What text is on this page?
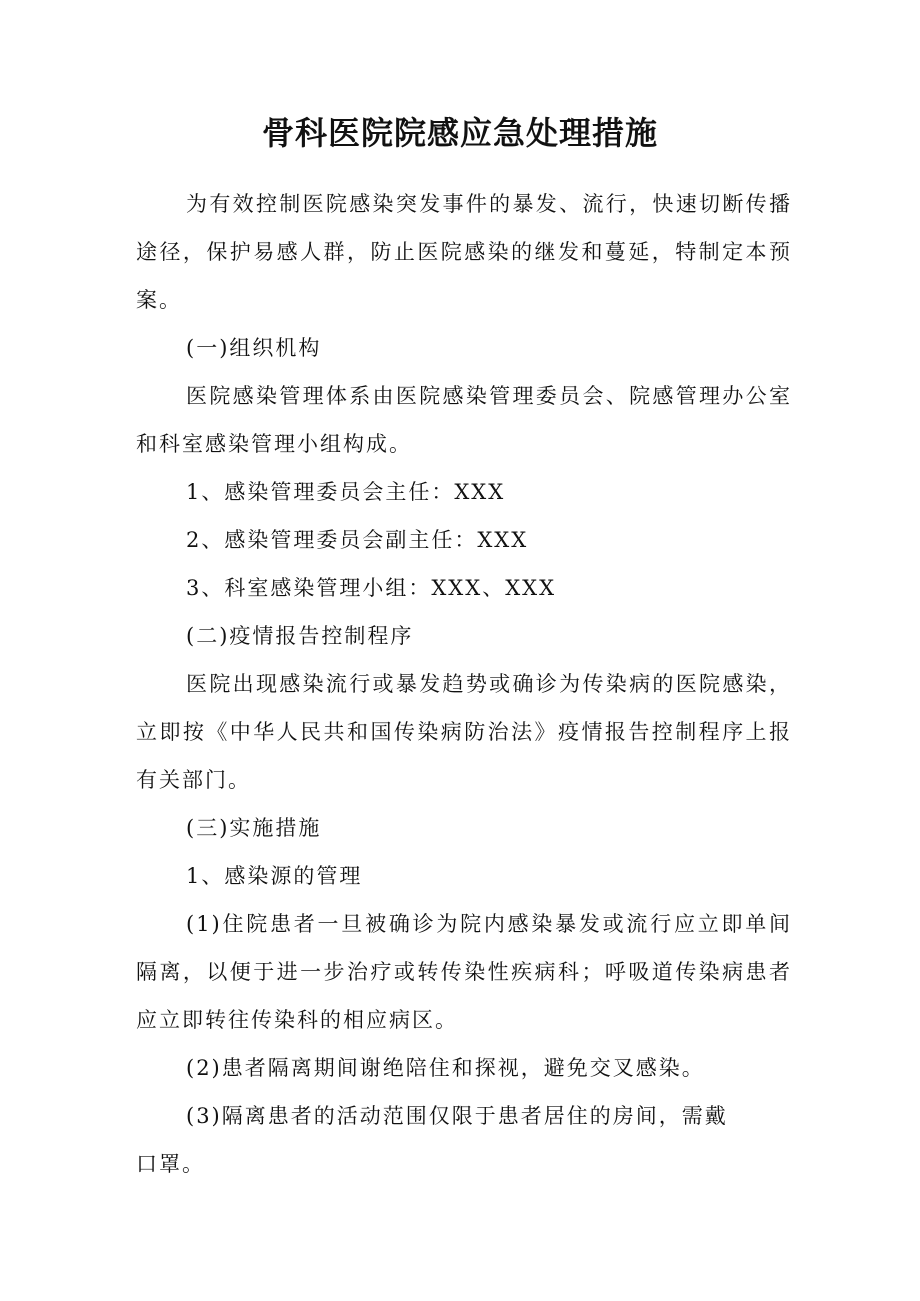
骨科医院院感应急处理措施

为有效控制医院感染突发事件的暴发、流行，快速切断传播途径，保护易感人群，防止医院感染的继发和蔓延，特制定本预案。

(一)组织机构

医院感染管理体系由医院感染管理委员会、院感管理办公室和科室感染管理小组构成。

1、感染管理委员会主任：XXX

2、感染管理委员会副主任：XXX

3、科室感染管理小组：XXX、XXX

(二)疫情报告控制程序

医院出现感染流行或暴发趋势或确诊为传染病的医院感染，立即按《中华人民共和国传染病防治法》疫情报告控制程序上报有关部门。

(三)实施措施

1、感染源的管理

(1)住院患者一旦被确诊为院内感染暴发或流行应立即单间隔离，以便于进一步治疗或转传染性疾病科；呼吸道传染病患者应立即转往传染科的相应病区。

(2)患者隔离期间谢绝陪住和探视，避免交叉感染。

(3)隔离患者的活动范围仅限于患者居住的房间，需戴

口罩。
